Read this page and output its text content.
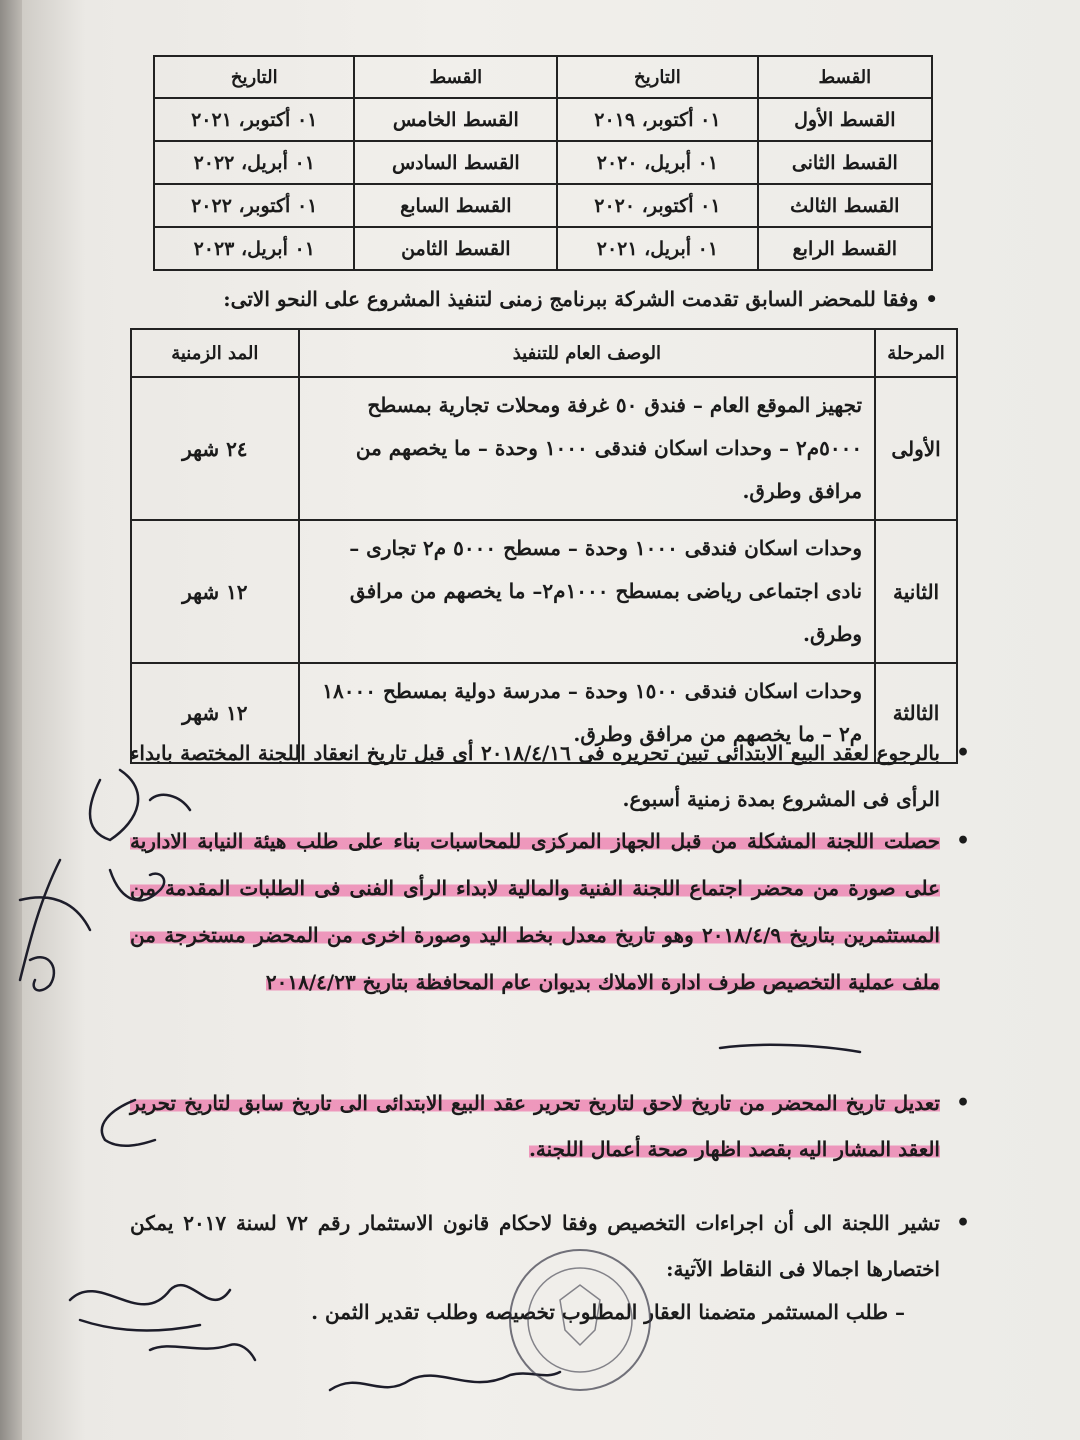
القسط	التاريخ	القسط	التاريخ
القسط الأول	٠١ أكتوبر، ٢٠١٩	القسط الخامس	٠١ أكتوبر، ٢٠٢١
القسط الثانى	٠١ أبريل، ٢٠٢٠	القسط السادس	٠١ أبريل، ٢٠٢٢
القسط الثالث	٠١ أكتوبر، ٢٠٢٠	القسط السابع	٠١ أكتوبر، ٢٠٢٢
القسط الرابع	٠١ أبريل، ٢٠٢١	القسط الثامن	٠١ أبريل، ٢٠٢٣
• وفقا للمحضر السابق تقدمت الشركة ببرنامج زمنى لتنفيذ المشروع على النحو الاتى:
المرحلة	الوصف العام للتنفيذ	المد الزمنية
الأولى	تجهيز الموقع العام – فندق ٥٠ غرفة ومحلات تجارية بمسطح ٥٠٠٠م٢ – وحدات اسكان فندقى ١٠٠٠ وحدة – ما يخصهم من مرافق وطرق.	٢٤ شهر
الثانية	وحدات اسكان فندقى ١٠٠٠ وحدة – مسطح ٥٠٠٠ م٢ تجارى – نادى اجتماعى رياضى بمسطح ١٠٠٠م٢– ما يخصهم من مرافق وطرق.	١٢ شهر
الثالثة	وحدات اسكان فندقى ١٥٠٠ وحدة – مدرسة دولية بمسطح ١٨٠٠٠ م٢ – ما يخصهم من مرافق وطرق.	١٢ شهر
• بالرجوع لعقد البيع الابتدائى تبين تحريره فى ٢٠١٨/٤/١٦ أى قبل تاريخ انعقاد اللجنة المختصة بابداء الرأى فى المشروع بمدة زمنية أسبوع.
• حصلت اللجنة المشكلة من قبل الجهاز المركزى للمحاسبات بناء على طلب هيئة النيابة الادارية على صورة من محضر اجتماع اللجنة الفنية والمالية لابداء الرأى الفنى فى الطلبات المقدمة من المستثمرين بتاريخ ٢٠١٨/٤/٩ وهو تاريخ معدل بخط اليد وصورة اخرى من المحضر مستخرجة من ملف عملية التخصيص طرف ادارة الاملاك بديوان عام المحافظة بتاريخ ٢٠١٨/٤/٢٣
• تعديل تاريخ المحضر من تاريخ لاحق لتاريخ تحرير عقد البيع الابتدائى الى تاريخ سابق لتاريخ تحرير العقد المشار اليه بقصد اظهار صحة أعمال اللجنة.
• تشير اللجنة الى أن اجراءات التخصيص وفقا لاحكام قانون الاستثمار رقم ٧٢ لسنة ٢٠١٧ يمكن اختصارها اجمالا فى النقاط الآتية:
– طلب المستثمر متضمنا العقار المطلوب تخصيصه وطلب تقدير الثمن .
